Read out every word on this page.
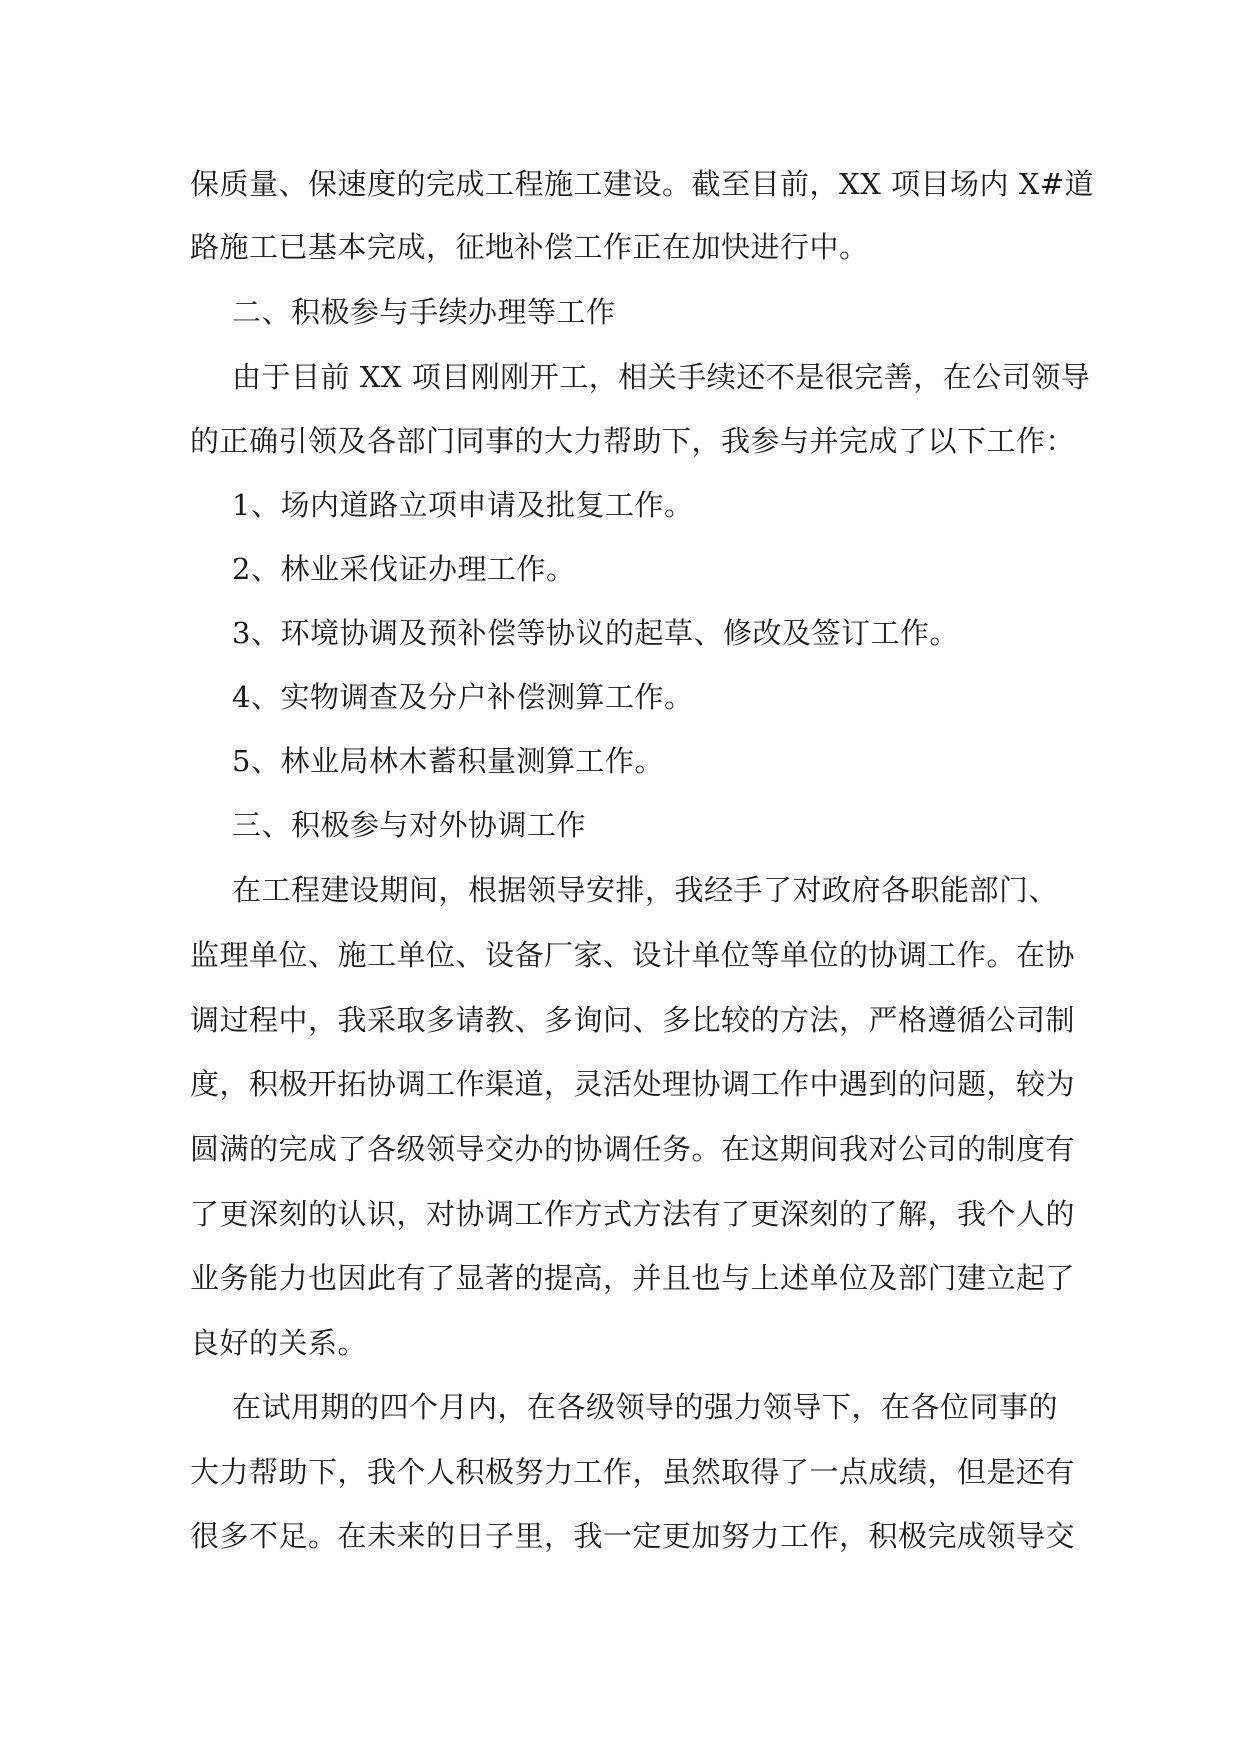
保质量、保速度的完成工程施工建设。截至目前，XX 项目场内 X#道
路施工已基本完成，征地补偿工作正在加快进行中。
二、积极参与手续办理等工作
由于目前 XX 项目刚刚开工，相关手续还不是很完善，在公司领导
的正确引领及各部门同事的大力帮助下，我参与并完成了以下工作：
1、场内道路立项申请及批复工作。
2、林业采伐证办理工作。
3、环境协调及预补偿等协议的起草、修改及签订工作。
4、实物调查及分户补偿测算工作。
5、林业局林木蓄积量测算工作。
三、积极参与对外协调工作
在工程建设期间，根据领导安排，我经手了对政府各职能部门、
监理单位、施工单位、设备厂家、设计单位等单位的协调工作。在协
调过程中，我采取多请教、多询问、多比较的方法，严格遵循公司制
度，积极开拓协调工作渠道，灵活处理协调工作中遇到的问题，较为
圆满的完成了各级领导交办的协调任务。在这期间我对公司的制度有
了更深刻的认识，对协调工作方式方法有了更深刻的了解，我个人的
业务能力也因此有了显著的提高，并且也与上述单位及部门建立起了
良好的关系。
在试用期的四个月内，在各级领导的强力领导下，在各位同事的
大力帮助下，我个人积极努力工作，虽然取得了一点成绩，但是还有
很多不足。在未来的日子里，我一定更加努力工作，积极完成领导交
